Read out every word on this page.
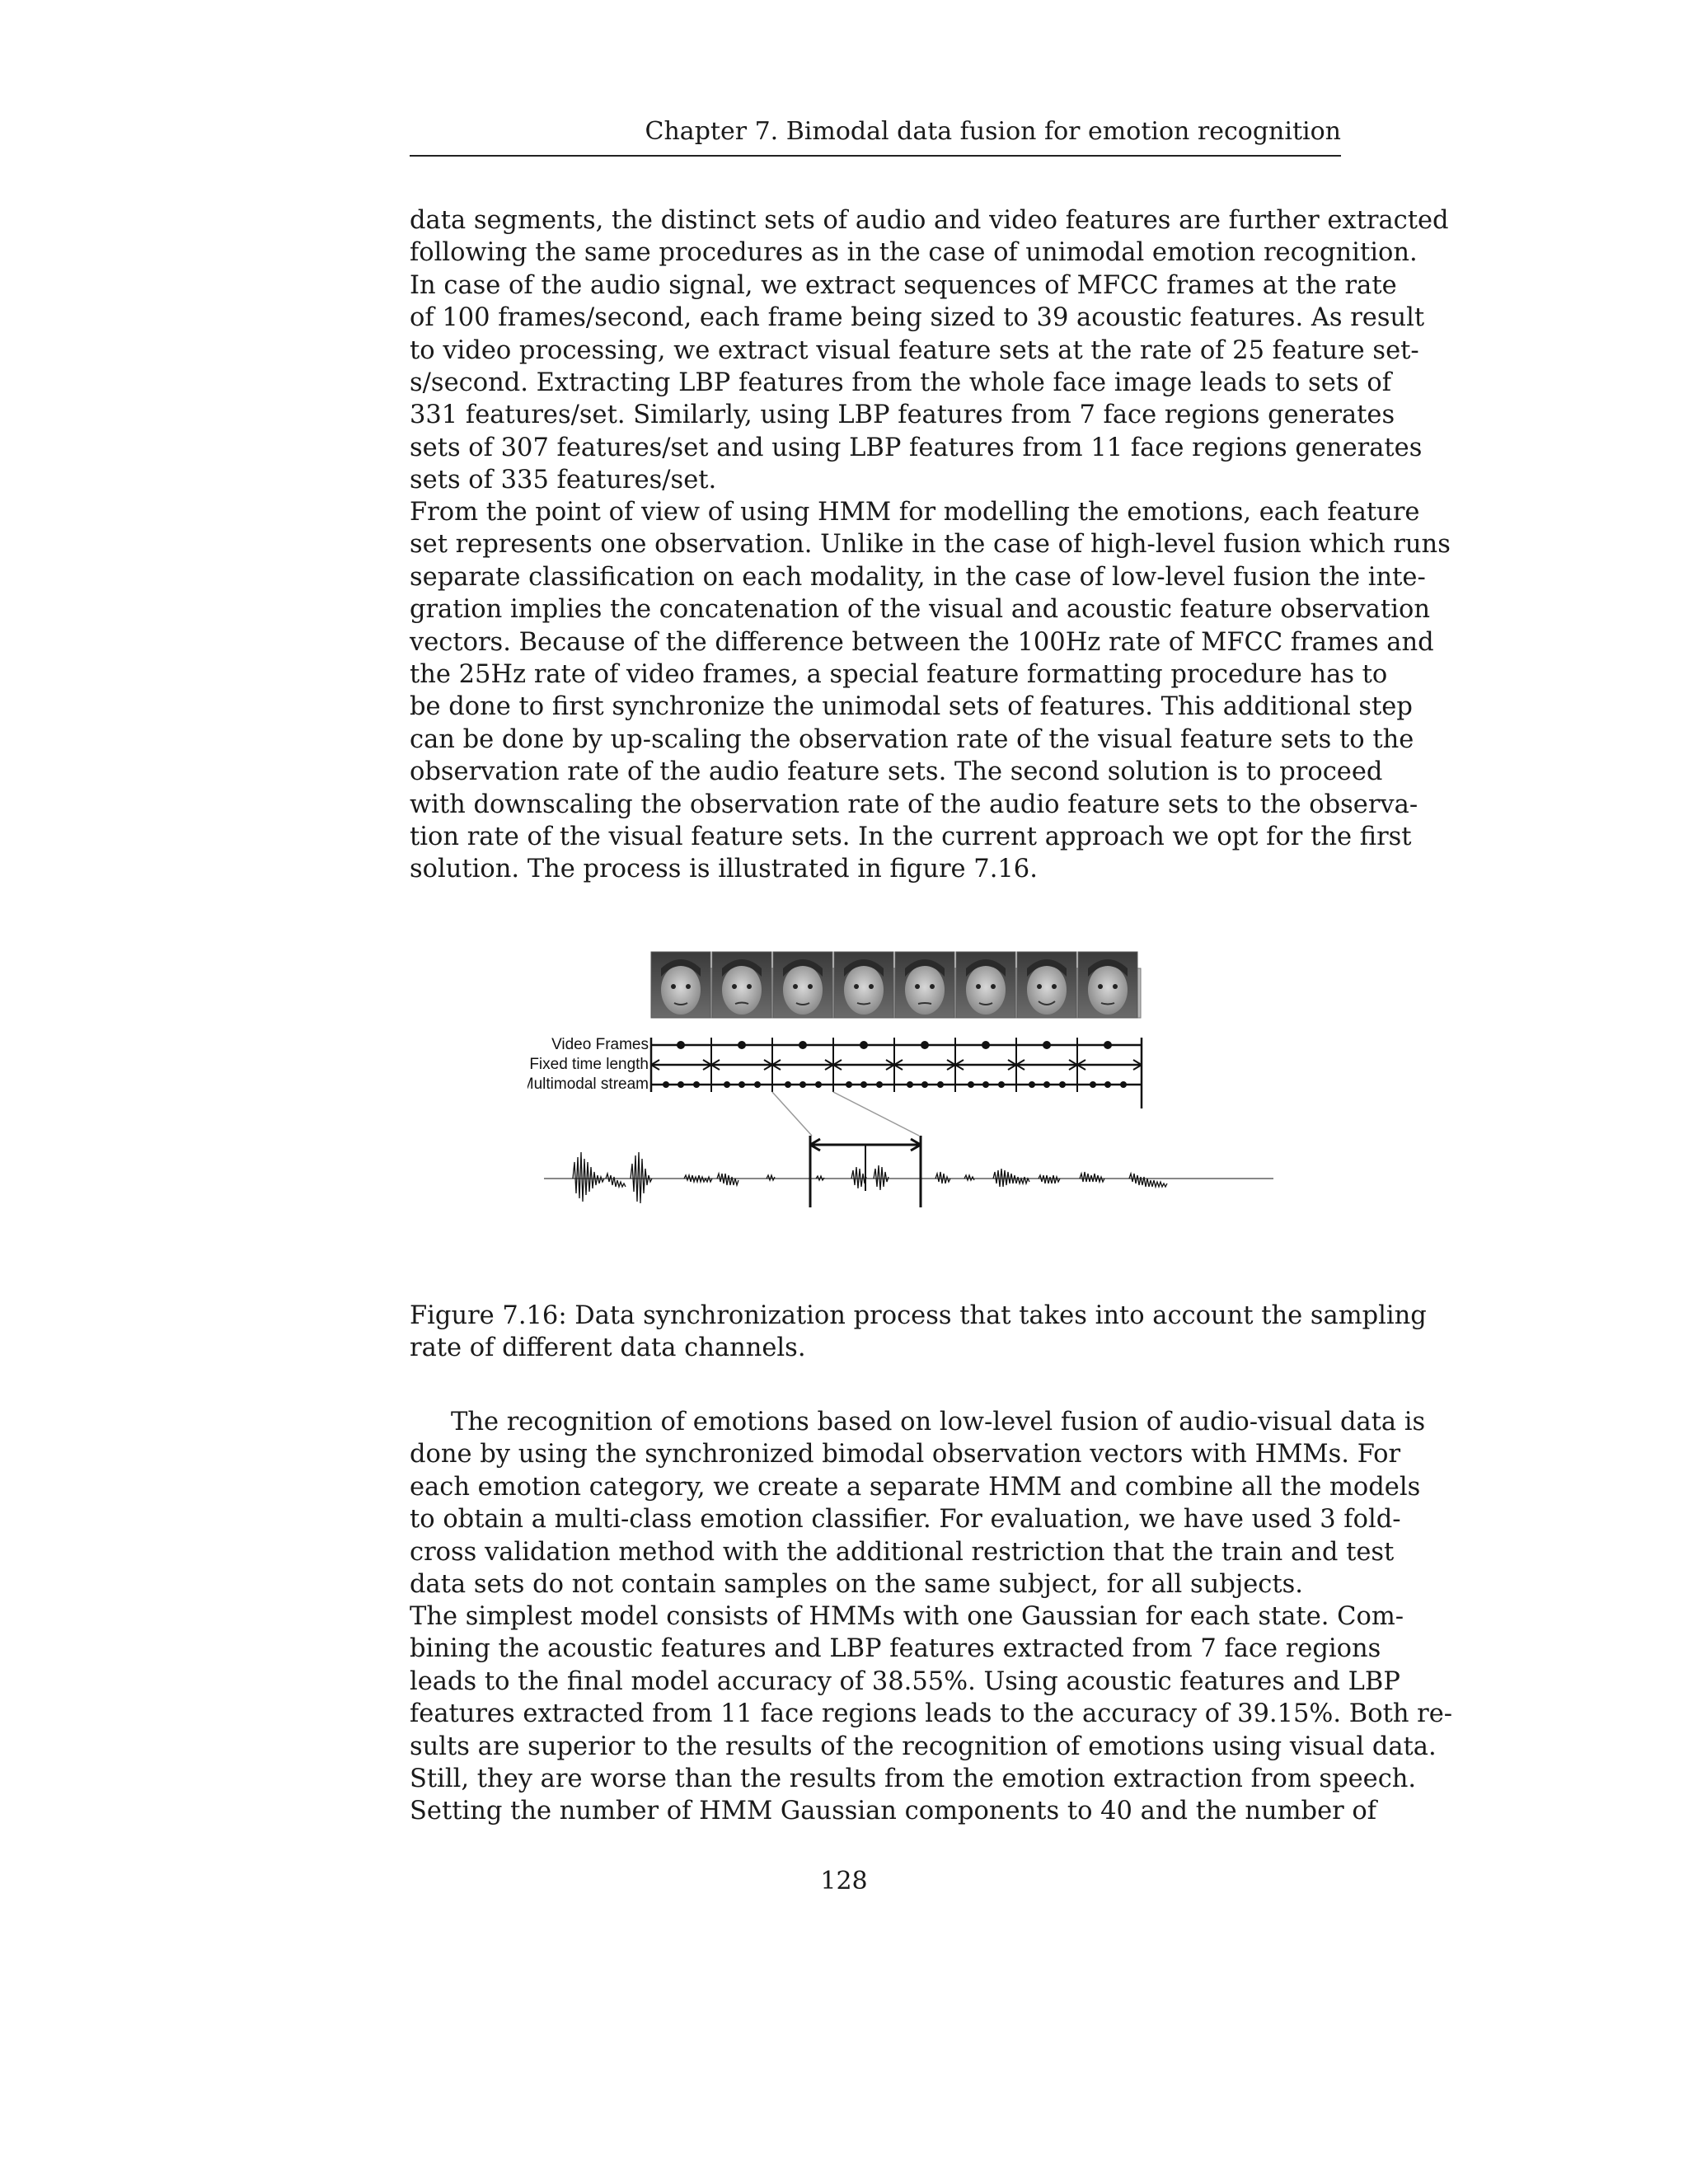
Chapter 7. Bimodal data fusion for emotion recognition
data segments, the distinct sets of audio and video features are further extracted
following the same procedures as in the case of unimodal emotion recognition.
In case of the audio signal, we extract sequences of MFCC frames at the rate
of 100 frames/second, each frame being sized to 39 acoustic features. As result
to video processing, we extract visual feature sets at the rate of 25 feature set-
s/second. Extracting LBP features from the whole face image leads to sets of
331 features/set. Similarly, using LBP features from 7 face regions generates
sets of 307 features/set and using LBP features from 11 face regions generates
sets of 335 features/set.
From the point of view of using HMM for modelling the emotions, each feature
set represents one observation. Unlike in the case of high-level fusion which runs
separate classification on each modality, in the case of low-level fusion the inte-
gration implies the concatenation of the visual and acoustic feature observation
vectors. Because of the difference between the 100Hz rate of MFCC frames and
the 25Hz rate of video frames, a special feature formatting procedure has to
be done to first synchronize the unimodal sets of features. This additional step
can be done by up-scaling the observation rate of the visual feature sets to the
observation rate of the audio feature sets. The second solution is to proceed
with downscaling the observation rate of the audio feature sets to the observa-
tion rate of the visual feature sets. In the current approach we opt for the first
solution. The process is illustrated in figure 7.16.
Video Frames
Fixed time length
Multimodal stream
Figure 7.16: Data synchronization process that takes into account the sampling
rate of different data channels.
The recognition of emotions based on low-level fusion of audio-visual data is
done by using the synchronized bimodal observation vectors with HMMs. For
each emotion category, we create a separate HMM and combine all the models
to obtain a multi-class emotion classifier. For evaluation, we have used 3 fold-
cross validation method with the additional restriction that the train and test
data sets do not contain samples on the same subject, for all subjects.
The simplest model consists of HMMs with one Gaussian for each state. Com-
bining the acoustic features and LBP features extracted from 7 face regions
leads to the final model accuracy of 38.55%. Using acoustic features and LBP
features extracted from 11 face regions leads to the accuracy of 39.15%. Both re-
sults are superior to the results of the recognition of emotions using visual data.
Still, they are worse than the results from the emotion extraction from speech.
Setting the number of HMM Gaussian components to 40 and the number of
128
